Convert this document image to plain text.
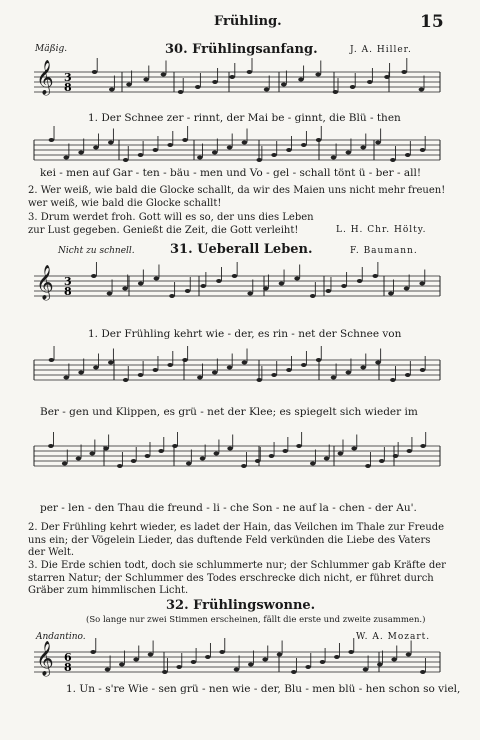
Frühling.	15
Mäßig.	30. Frühlingsanfang.	J. A. Hiller.
3
8
𝄞
1. Der Schnee zer - rinnt, der Mai be - ginnt, die Blü - then
kei - men auf Gar - ten - bäu - men und Vo - gel - schall tönt ü - ber - all!
2. Wer weiß, wie bald die Glocke schallt, da wir des Maien uns nicht mehr freuen! wer weiß, wie bald die Glocke schallt!
3. Drum werdet froh. Gott will es so, der uns dies Leben zur Lust gegeben. Genießt die Zeit, die Gott verleiht!	L. H. Chr. Hölty.
Nicht zu schnell.	31. Ueberall Leben.	F. Baumann.
3
8
𝄞
1. Der Frühling kehrt wie - der, es rin - net der Schnee von
Ber - gen und Klippen, es grü - net der Klee; es spiegelt sich wieder im
per - len - den Thau die freund - li - che Son - ne auf la - chen - der Au'.
2. Der Frühling kehrt wieder, es ladet der Hain, das Veilchen im Thale zur Freude uns ein; der Vögelein Lieder, das duftende Feld verkünden die Liebe des Vaters der Welt.
3. Die Erde schien todt, doch sie schlummerte nur; der Schlummer gab Kräfte der starren Natur; der Schlummer des Todes erschrecke dich nicht, er führet durch Gräber zum himmlischen Licht.
32. Frühlingswonne.
(So lange nur zwei Stimmen erscheinen, fällt die erste und zweite zusammen.)
Andantino.	W. A. Mozart.
6
8
𝄞
1. Un - s're Wie - sen grü - nen wie - der, Blu - men blü - hen schon so viel,
